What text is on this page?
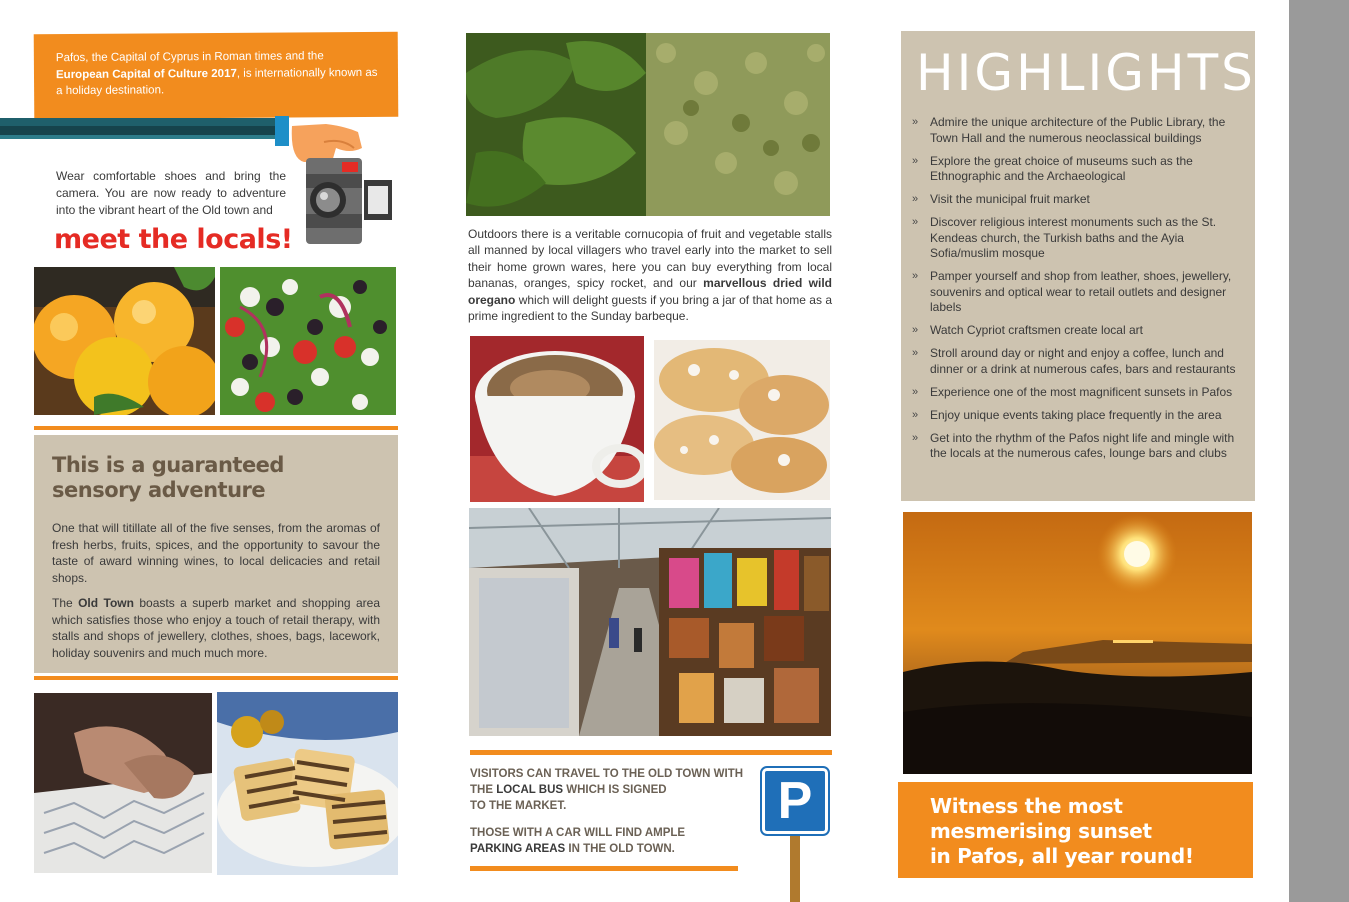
Pafos, the Capital of Cyprus in Roman times and the European Capital of Culture 2017, is internationally known as a holiday destination.
Wear comfortable shoes and bring the camera. You are now ready to adventure into the vibrant heart of the Old town and
meet the locals!
This is a guaranteed
sensory adventure

One that will titillate all of the five senses, from the aromas of fresh herbs, fruits, spices, and the opportunity to savour the taste of award winning wines, to local delicacies and retail shops.

The Old Town boasts a superb market and shopping area which satisfies those who enjoy a touch of retail therapy, with stalls and shops of jewellery, clothes, shoes, bags, lacework, holiday souvenirs and much much more.

Outdoors there is a veritable cornucopia of fruit and vegetable stalls all manned by local villagers who travel early into the market to sell their home grown wares, here you can buy everything from local bananas, oranges, spicy rocket, and our marvellous dried wild oregano which will delight guests if you bring a jar of that home as a prime ingredient to the Sunday barbeque.
VISITORS CAN TRAVEL TO THE OLD TOWN WITH
THE LOCAL BUS WHICH IS SIGNED
TO THE MARKET.
THOSE WITH A CAR WILL FIND AMPLE
PARKING AREAS IN THE OLD TOWN.
P
HIGHLIGHTS
» Admire the unique architecture of the Public Library, the Town Hall and the numerous neoclassical buildings
» Explore the great choice of museums such as the Ethnographic and the Archaeological
» Visit the municipal fruit market
» Discover religious interest monuments such as the St. Kendeas church, the Turkish baths and the Ayia Sofia/muslim mosque
» Pamper yourself and shop from leather, shoes, jewellery, souvenirs and optical wear to retail outlets and designer labels
» Watch Cypriot craftsmen create local art
» Stroll around day or night and enjoy a coffee, lunch and dinner or a drink at numerous cafes, bars and restaurants
» Experience one of the most magnificent sunsets in Pafos
» Enjoy unique events taking place frequently in the area
» Get into the rhythm of the Pafos night life and mingle with the locals at the numerous cafes, lounge bars and clubs
Witness the most
mesmerising sunset
in Pafos, all year round!
